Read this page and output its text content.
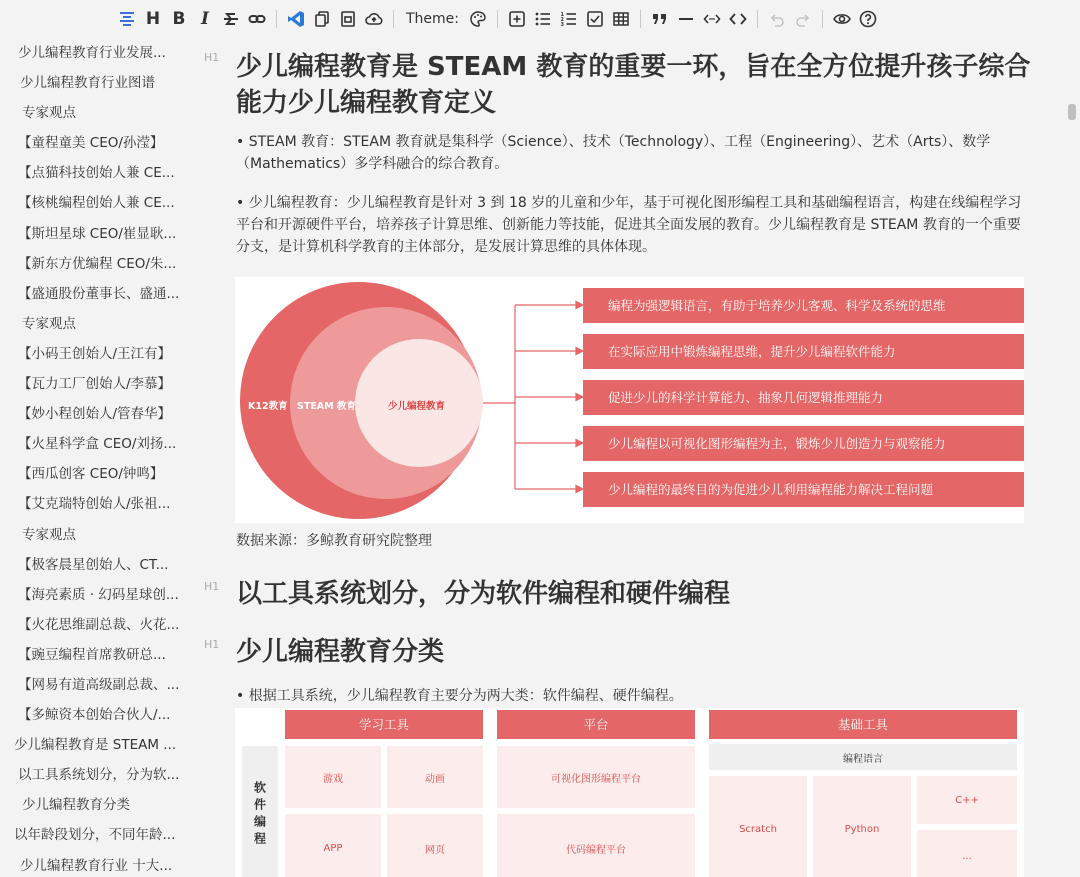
H B I	Theme:	1
2
3
少儿编程教育行业发展...
少儿编程教育行业图谱
专家观点
【童程童美 CEO/孙滢】
【点猫科技创始人兼 CE...
【核桃编程创始人兼 CE...
【斯坦星球 CEO/崔显耿...
【新东方优编程 CEO/朱...
【盛通股份董事长、盛通...
专家观点
【小码王创始人/王江有】
【瓦力工厂创始人/李慕】
【妙小程创始人/管春华】
【火星科学盒 CEO/刘扬...
【西瓜创客 CEO/钟鸣】
【艾克瑞特创始人/张祖...
专家观点
【极客晨星创始人、CT...
【海亮素质 · 幻码星球创...
【火花思维副总裁、火花...
【豌豆编程首席教研总...
【网易有道高级副总裁、...
【多鲸资本创始合伙人/...
少儿编程教育是 STEAM ...
以工具系统划分，分为软...
少儿编程教育分类
以年龄段划分，不同年龄...
少儿编程教育行业 十大...
H1 少儿编程教育是 STEAM 教育的重要一环，旨在全方位提升孩子综合能力少儿编程教育定义
• STEAM 教育：STEAM 教育就是集科学（Science）、技术（Technology）、工程（Engineering）、艺术（Arts）、数学（Mathematics）多学科融合的综合教育。
• 少儿编程教育：少儿编程教育是针对 3 到 18 岁的儿童和少年，基于可视化图形编程工具和基础编程语言，构建在线编程学习平台和开源硬件平台，培养孩子计算思维、创新能力等技能，促进其全面发展的教育。少儿编程教育是 STEAM 教育的一个重要分支，是计算机科学教育的主体部分，是发展计算思维的具体体现。
K12教育 STEAM 教育	少儿编程教育
编程为强逻辑语言，有助于培养少儿客观、科学及系统的思维
在实际应用中锻炼编程思维，提升少儿编程软件能力
促进少儿的科学计算能力、抽象几何逻辑推理能力
少儿编程以可视化图形编程为主，锻炼少儿创造力与观察能力
少儿编程的最终目的为促进少儿利用编程能力解决工程问题
数据来源：多鲸教育研究院整理
H1 以工具系统划分，分为软件编程和硬件编程
H1 少儿编程教育分类
• 根据工具系统，少儿编程教育主要分为两大类：软件编程、硬件编程。
学习工具	平台	基础工具
软件编程
游戏	动画
APP	网页
可视化图形编程平台
代码编程平台
编程语言
Scratch	Python
C++
...
